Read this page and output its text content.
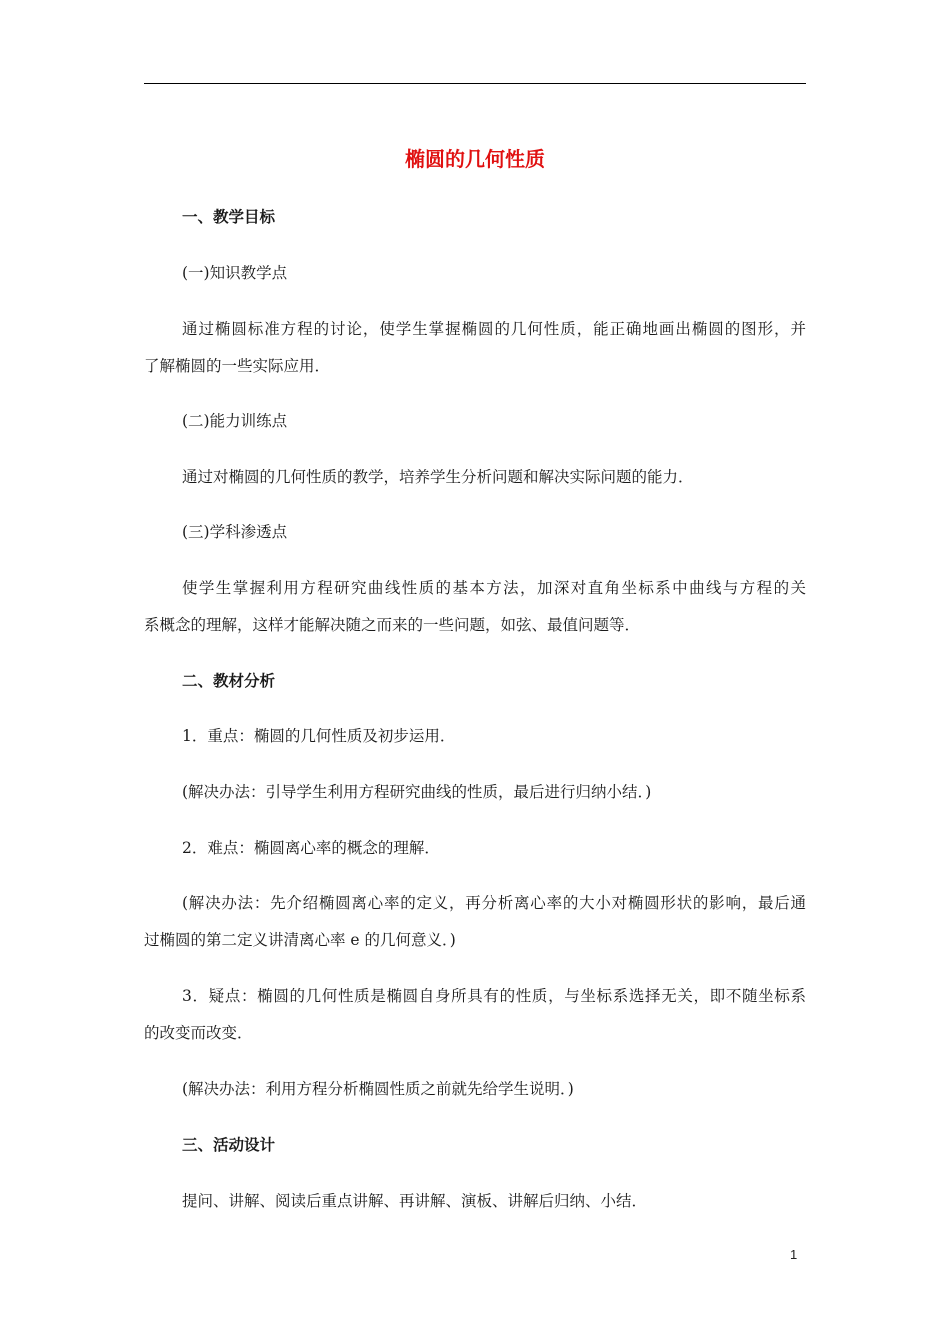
椭圆的几何性质
一、教学目标
(一)知识教学点
通过椭圆标准方程的讨论，使学生掌握椭圆的几何性质，能正确地画出椭圆的图形，并
了解椭圆的一些实际应用．
(二)能力训练点
通过对椭圆的几何性质的教学，培养学生分析问题和解决实际问题的能力．
(三)学科渗透点
使学生掌握利用方程研究曲线性质的基本方法，加深对直角坐标系中曲线与方程的关
系概念的理解，这样才能解决随之而来的一些问题，如弦、最值问题等．
二、教材分析
1．重点：椭圆的几何性质及初步运用．
(解决办法：引导学生利用方程研究曲线的性质，最后进行归纳小结．)
2．难点：椭圆离心率的概念的理解．
(解决办法：先介绍椭圆离心率的定义，再分析离心率的大小对椭圆形状的影响，最后通
过椭圆的第二定义讲清离心率 e 的几何意义．)
3．疑点：椭圆的几何性质是椭圆自身所具有的性质，与坐标系选择无关，即不随坐标系
的改变而改变．
(解决办法：利用方程分析椭圆性质之前就先给学生说明．)
三、活动设计
提问、讲解、阅读后重点讲解、再讲解、演板、讲解后归纳、小结．
1
